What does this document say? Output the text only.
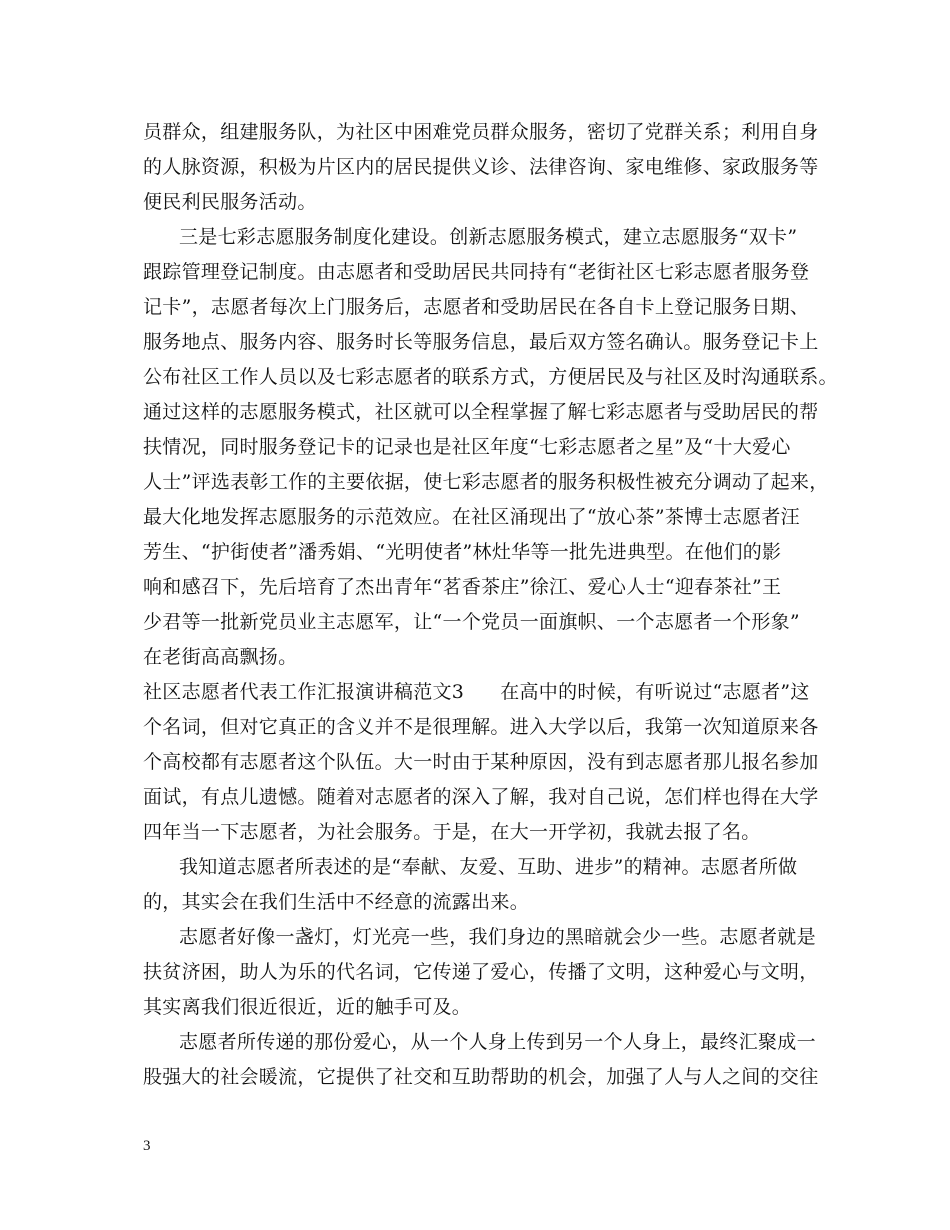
员群众，组建服务队，为社区中困难党员群众服务，密切了党群关系；利用自身
的人脉资源，积极为片区内的居民提供义诊、法律咨询、家电维修、家政服务等
便民利民服务活动。
三是七彩志愿服务制度化建设。创新志愿服务模式，建立志愿服务“双卡”
跟踪管理登记制度。由志愿者和受助居民共同持有“老街社区七彩志愿者服务登
记卡”，志愿者每次上门服务后，志愿者和受助居民在各自卡上登记服务日期、
服务地点、服务内容、服务时长等服务信息，最后双方签名确认。服务登记卡上
公布社区工作人员以及七彩志愿者的联系方式，方便居民及与社区及时沟通联系。
通过这样的志愿服务模式，社区就可以全程掌握了解七彩志愿者与受助居民的帮
扶情况，同时服务登记卡的记录也是社区年度“七彩志愿者之星”及“十大爱心
人士”评选表彰工作的主要依据，使七彩志愿者的服务积极性被充分调动了起来，
最大化地发挥志愿服务的示范效应。在社区涌现出了“放心茶”茶博士志愿者汪
芳生、“护街使者”潘秀娟、“光明使者”林灶华等一批先进典型。在他们的影
响和感召下，先后培育了杰出青年“茗香茶庄”徐江、爱心人士“迎春茶社”王
少君等一批新党员业主志愿军，让“一个党员一面旗帜、一个志愿者一个形象”
在老街高高飘扬。
社区志愿者代表工作汇报演讲稿范文3 在高中的时候，有听说过“志愿者”这
个名词，但对它真正的含义并不是很理解。进入大学以后，我第一次知道原来各
个高校都有志愿者这个队伍。大一时由于某种原因，没有到志愿者那儿报名参加
面试，有点儿遗憾。随着对志愿者的深入了解，我对自己说，怎们样也得在大学
四年当一下志愿者，为社会服务。于是，在大一开学初，我就去报了名。
我知道志愿者所表述的是“奉献、友爱、互助、进步”的精神。志愿者所做
的，其实会在我们生活中不经意的流露出来。
志愿者好像一盏灯，灯光亮一些，我们身边的黑暗就会少一些。志愿者就是
扶贫济困，助人为乐的代名词，它传递了爱心，传播了文明，这种爱心与文明，
其实离我们很近很近，近的触手可及。
志愿者所传递的那份爱心，从一个人身上传到另一个人身上，最终汇聚成一
股强大的社会暖流，它提供了社交和互助帮助的机会，加强了人与人之间的交往
3
